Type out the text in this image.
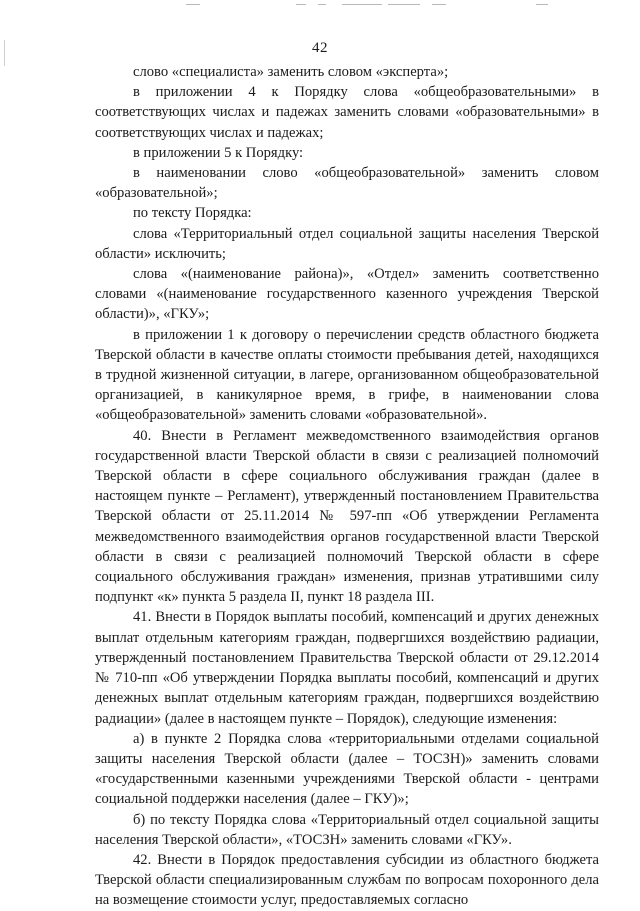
42

слово «специалиста» заменить словом «эксперта»;

в приложении 4 к Порядку слова «общеобразовательными» в соответствующих числах и падежах заменить словами «образовательными» в соответствующих числах и падежах;

в приложении 5 к Порядку:

в наименовании слово «общеобразовательной» заменить словом «образовательной»;

по тексту Порядка:

слова «Территориальный отдел социальной защиты населения Тверской области» исключить;

слова «(наименование района)», «Отдел» заменить соответственно словами «(наименование государственного казенного учреждения Тверской области)», «ГКУ»;

в приложении 1 к договору о перечислении средств областного бюджета Тверской области в качестве оплаты стоимости пребывания детей, находящихся в трудной жизненной ситуации, в лагере, организованном общеобразовательной организацией, в каникулярное время, в грифе, в наименовании слова «общеобразовательной» заменить словами «образовательной».

40. Внести в Регламент межведомственного взаимодействия органов государственной власти Тверской области в связи с реализацией полномочий Тверской области в сфере социального обслуживания граждан (далее в настоящем пункте – Регламент), утвержденный постановлением Правительства Тверской области от 25.11.2014 № 597-пп «Об утверждении Регламента межведомственного взаимодействия органов государственной власти Тверской области в связи с реализацией полномочий Тверской области в сфере социального обслуживания граждан» изменения, признав утратившими силу подпункт «к» пункта 5 раздела II, пункт 18 раздела III.

41. Внести в Порядок выплаты пособий, компенсаций и других денежных выплат отдельным категориям граждан, подвергшихся воздействию радиации, утвержденный постановлением Правительства Тверской области от 29.12.2014 № 710-пп «Об утверждении Порядка выплаты пособий, компенсаций и других денежных выплат отдельным категориям граждан, подвергшихся воздействию радиации» (далее в настоящем пункте – Порядок), следующие изменения:

а) в пункте 2 Порядка слова «территориальными отделами социальной защиты населения Тверской области (далее – ТОСЗН)» заменить словами «государственными казенными учреждениями Тверской области - центрами социальной поддержки населения (далее – ГКУ)»;

б) по тексту Порядка слова «Территориальный отдел социальной защиты населения Тверской области», «ТОСЗН» заменить словами «ГКУ».

42. Внести в Порядок предоставления субсидии из областного бюджета Тверской области специализированным службам по вопросам похоронного дела на возмещение стоимости услуг, предоставляемых согласно
